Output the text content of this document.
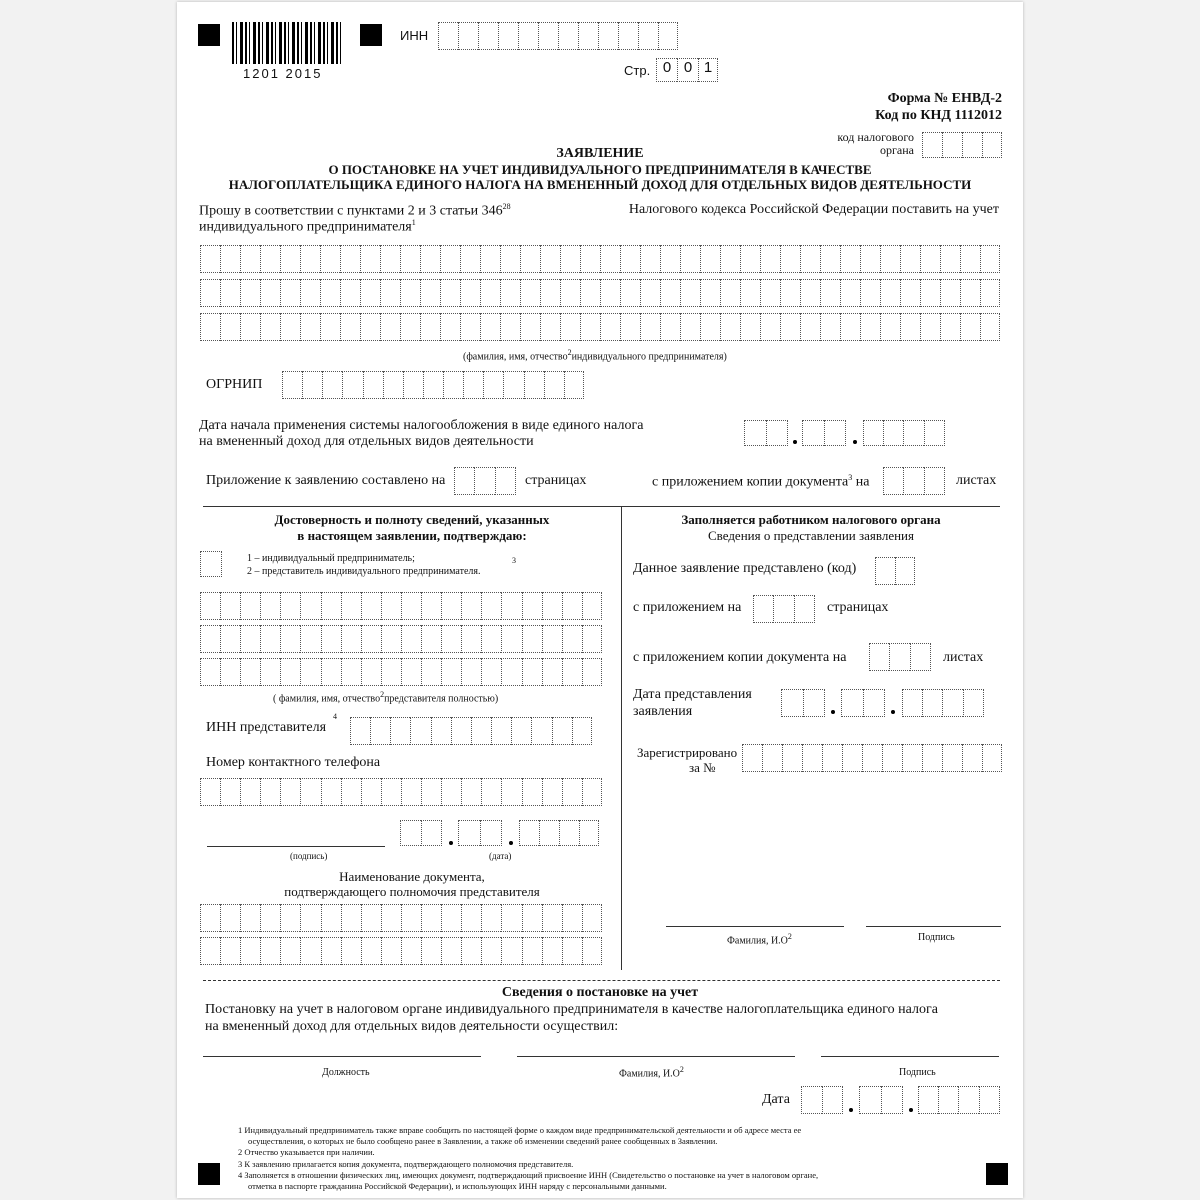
1201 2015
ИНН
Стр. 0 0 1
Форма № ЕНВД-2
Код по КНД 1112012
код налогового
органа
ЗАЯВЛЕНИЕ
О ПОСТАНОВКЕ НА УЧЕТ ИНДИВИДУАЛЬНОГО ПРЕДПРИНИМАТЕЛЯ В КАЧЕСТВЕ
НАЛОГОПЛАТЕЛЬЩИКА ЕДИНОГО НАЛОГА НА ВМЕНЕННЫЙ ДОХОД ДЛЯ ОТДЕЛЬНЫХ ВИДОВ ДЕЯТЕЛЬНОСТИ
Прошу в соответствии с пунктами 2 и 3 статьи $346^{28}$	Налогового кодекса Российской Федерации поставить на учет
индивидуального предпринимателя$^1$
(фамилия, имя, отчество$^2$индивидуального предпринимателя)
ОГРНИП
Дата начала применения системы налогообложения в виде единого налога
на вмененный доход для отдельных видов деятельности
Приложение к заявлению составлено на	страницах	с приложением копии документа$^3$ на	листах
Достоверность и полноту сведений, указанных
в настоящем заявлении, подтверждаю:
1 – индивидуальный предприниматель;
2 – представитель индивидуального предпринимателя.
3
( фамилия, имя, отчество$^2$представителя полностью)
ИНН представителя
4
Номер контактного телефона
(подпись)	(дата)
Наименование документа,
подтверждающего полномочия представителя
Заполняется работником налогового органа
Сведения о представлении заявления
Данное заявление представлено (код)
с приложением на	страницах
с приложением копии документа на	листах
Дата представления
заявления
Зарегистрировано
за №
Фамилия, $И.О^2$	Подпись
Сведения о постановке на учет
Постановку на учет в налоговом органе индивидуального предпринимателя в качестве налогоплательщика единого налога
на вмененный доход для отдельных видов деятельности осуществил:
Должность	Фамилия, $И.О^2$	Подпись
Дата
1 Индивидуальный предприниматель также вправе сообщить по настоящей форме о каждом виде предпринимательской деятельности и об адресе места ее
осуществления, о которых не было сообщено ранее в Заявлении, а также об изменении сведений ранее сообщенных в Заявлении.
2 Отчество указывается при наличии.
3 К заявлению прилагается копия документа, подтверждающего полномочия представителя.
4 Заполняется в отношении физических лиц, имеющих документ, подтверждающий присвоение ИНН (Свидетельство о постановке на учет в налоговом органе,
отметка в паспорте гражданина Российской Федерации), и использующих ИНН наряду с персональными данными.
